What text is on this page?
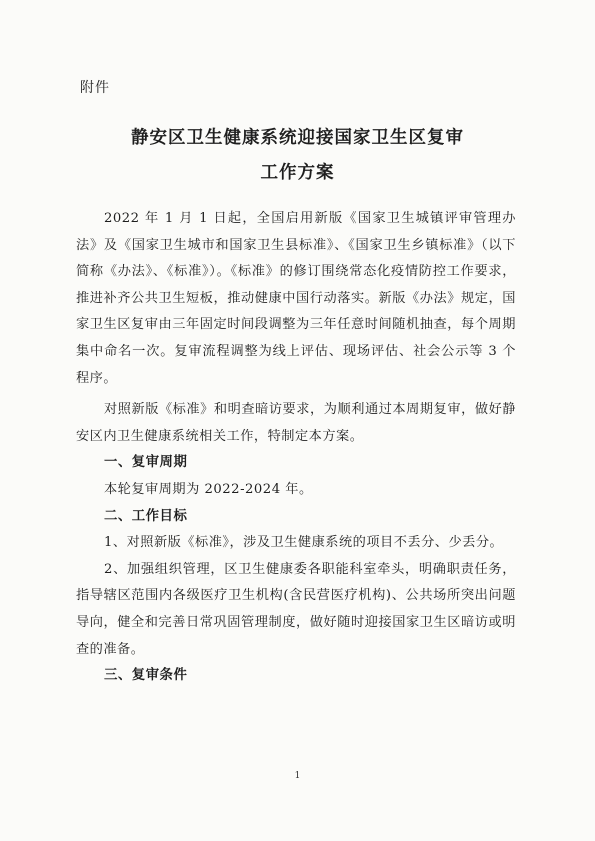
附件
静安区卫生健康系统迎接国家卫生区复审
工作方案

2022 年 1 月 1 日起，全国启用新版《国家卫生城镇评审管理办法》及《国家卫生城市和国家卫生县标准》、《国家卫生乡镇标准》（以下简称《办法》、《标准》）。《标准》的修订围绕常态化疫情防控工作要求，推进补齐公共卫生短板，推动健康中国行动落实。新版《办法》规定，国家卫生区复审由三年固定时间段调整为三年任意时间随机抽查，每个周期集中命名一次。复审流程调整为线上评估、现场评估、社会公示等 3 个程序。

对照新版《标准》和明查暗访要求，为顺利通过本周期复审，做好静安区内卫生健康系统相关工作，特制定本方案。

一、复审周期

本轮复审周期为 2022-2024 年。

二、工作目标

1、对照新版《标准》，涉及卫生健康系统的项目不丢分、少丢分。

2、加强组织管理，区卫生健康委各职能科室牵头，明确职责任务，指导辖区范围内各级医疗卫生机构(含民营医疗机构)、公共场所突出问题导向，健全和完善日常巩固管理制度，做好随时迎接国家卫生区暗访或明查的准备。

三、复审条件

1
